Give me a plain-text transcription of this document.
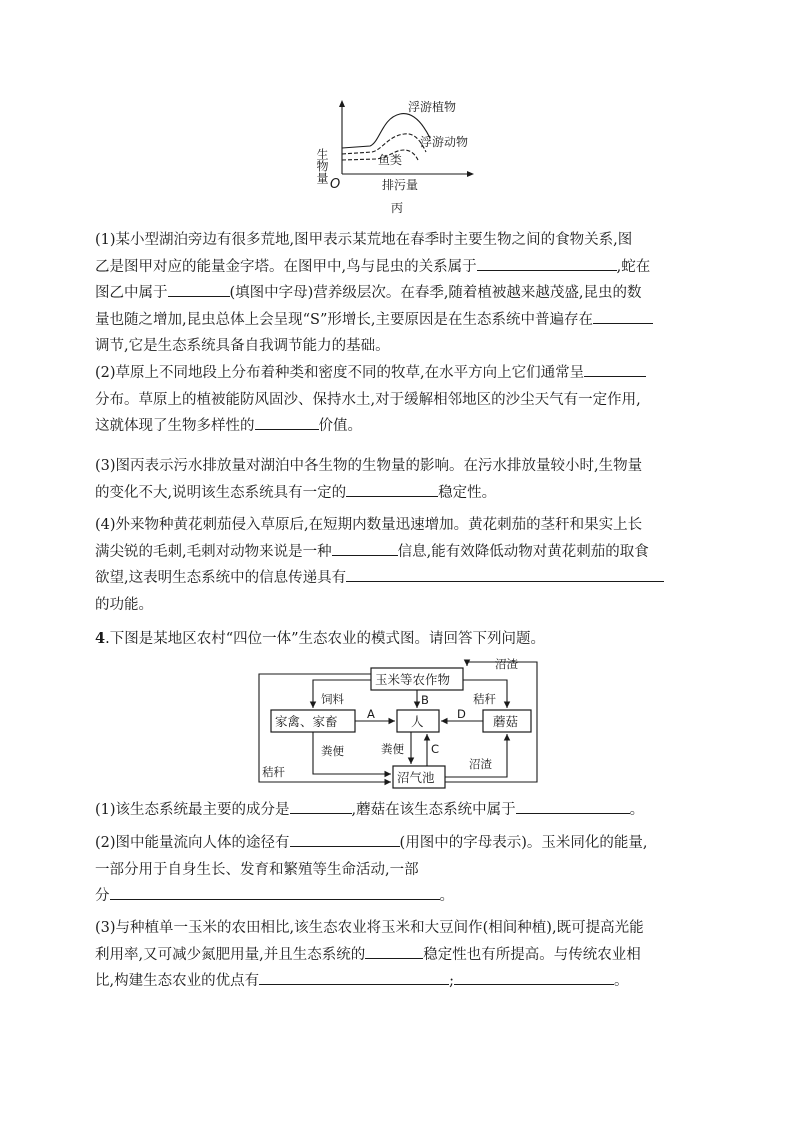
生物量
O	排污量
浮游植物
浮游动物
鱼类
丙
(1)某小型湖泊旁边有很多荒地,图甲表示某荒地在春季时主要生物之间的食物关系,图
乙是图甲对应的能量金字塔。在图甲中,鸟与昆虫的关系属于	,蛇在
图乙中属于	(填图中字母)营养级层次。在春季,随着植被越来越茂盛,昆虫的数
量也随之增加,昆虫总体上会呈现“S”形增长,主要原因是在生态系统中普遍存在
调节,它是生态系统具备自我调节能力的基础。
(2)草原上不同地段上分布着种类和密度不同的牧草,在水平方向上它们通常呈
分布。草原上的植被能防风固沙、保持水土,对于缓解相邻地区的沙尘天气有一定作用,
这就体现了生物多样性的	价值。
(3)图丙表示污水排放量对湖泊中各生物的生物量的影响。在污水排放量较小时,生物量
的变化不大,说明该生态系统具有一定的	稳定性。
(4)外来物种黄花刺茄侵入草原后,在短期内数量迅速增加。黄花刺茄的茎秆和果实上长
满尖锐的毛刺,毛刺对动物来说是一种	信息,能有效降低动物对黄花刺茄的取食
欲望,这表明生态系统中的信息传递具有
的功能。
4.下图是某地区农村“四位一体”生态农业的模式图。请回答下列问题。
玉米等农作物
家禽、家畜	人	蘑菇
沼气池
饲料	B	秸秆
A	D
粪便	粪便 C
沼渣
沼渣
秸秆
(1)该生态系统最主要的成分是	,蘑菇在该生态系统中属于	。
(2)图中能量流向人体的途径有	(用图中的字母表示)。玉米同化的能量,
一部分用于自身生长、发育和繁殖等生命活动,一部
分	。
(3)与种植单一玉米的农田相比,该生态农业将玉米和大豆间作(相间种植),既可提高光能
利用率,又可减少氮肥用量,并且生态系统的	稳定性也有所提高。与传统农业相
比,构建生态农业的优点有	;	。
